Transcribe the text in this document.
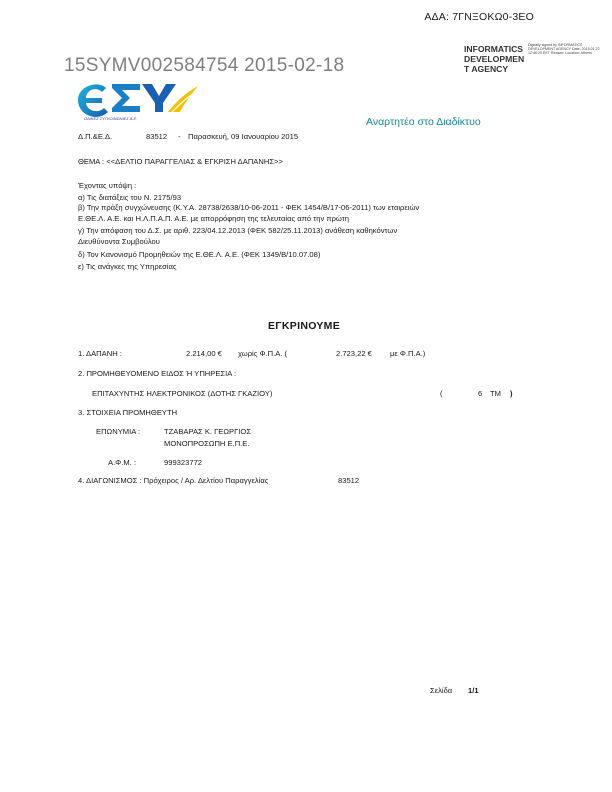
ΑΔΑ: 7ΓΝΞΟΚΩ0-3ΕΟ
15SYMV002584754 2015-02-18
INFORMATICS
DEVELOPMEN
T AGENCY
Digitally signed by INFORMATICS DEVELOPMENT AGENCY Date: 2015.01.22 12:46:20 EET Reason: Location: Athens
ΟΔΙΚΕΣ ΣΥΓΚΟΙΝΩΝΙΕΣ Α.Ε.	Αναρτητέο στο Διαδίκτυο
Δ.Π.&Ε.Δ.	83512 - Παρασκευή, 09 Ιανουαρίου 2015
ΘΕΜΑ : <<ΔΕΛΤΙΟ ΠΑΡΑΓΓΕΛΙΑΣ & ΕΓΚΡΙΣΗ ΔΑΠΑΝΗΣ>>
Έχοντας υπόψη :
α) Τις διατάξεις του Ν. 2175/93
β) Την πράξη συγχώνευσης (Κ.Υ.Α. 28738/2638/10-06-2011 - ΦΕΚ 1454/Β/17-06-2011) των εταιρειών
Ε.ΘΕ.Λ. Α.Ε. και Η.Λ.Π.Α.Π. Α.Ε. με απορρόφηση της τελευταίας από την πρώτη
γ) Την απόφαση του Δ.Σ. με αριθ. 223/04.12.2013 (ΦΕΚ 582/25.11.2013) ανάθεση καθηκόντων
Διευθύνοντα Συμβούλου
δ) Τον Κανονισμό Προμηθειών της Ε.ΘΕ.Λ. Α.Ε. (ΦΕΚ 1349/Β/10.07.08)
ε) Τις ανάγκες της Υπηρεσίας
ΕΓΚΡΙΝΟΥΜΕ
1. ΔΑΠΑΝΗ :	2.214,00 € χωρίς Φ.Π.Α. (	2.723,22 € με Φ.Π.Α.)
2. ΠΡΟΜΗΘΕΥΟΜΕΝΟ ΕΙΔΟΣ Ή ΥΠΗΡΕΣΙΑ :
ΕΠΙΤΑΧΥΝΤΗΣ ΗΛΕΚΤΡΟΝΙΚΟΣ (ΔΟΤΗΣ ΓΚΑΖΙΟΥ)	(	6 ΤΜ )
3. ΣΤΟΙΧΕΙΑ ΠΡΟΜΗΘΕΥΤΗ
ΕΠΩΝΥΜΙΑ :	ΤΖΑΒΑΡΑΣ Κ. ΓΕΩΡΓΙΟΣ
ΜΟΝΟΠΡΟΣΩΠΗ Ε.Π.Ε.
Α.Φ.Μ. :	999323772
4. ΔΙΑΓΩΝΙΣΜΟΣ : Πρόχειρος / Αρ. Δελτίου Παραγγελίας	83512
Σελίδα 1/1
